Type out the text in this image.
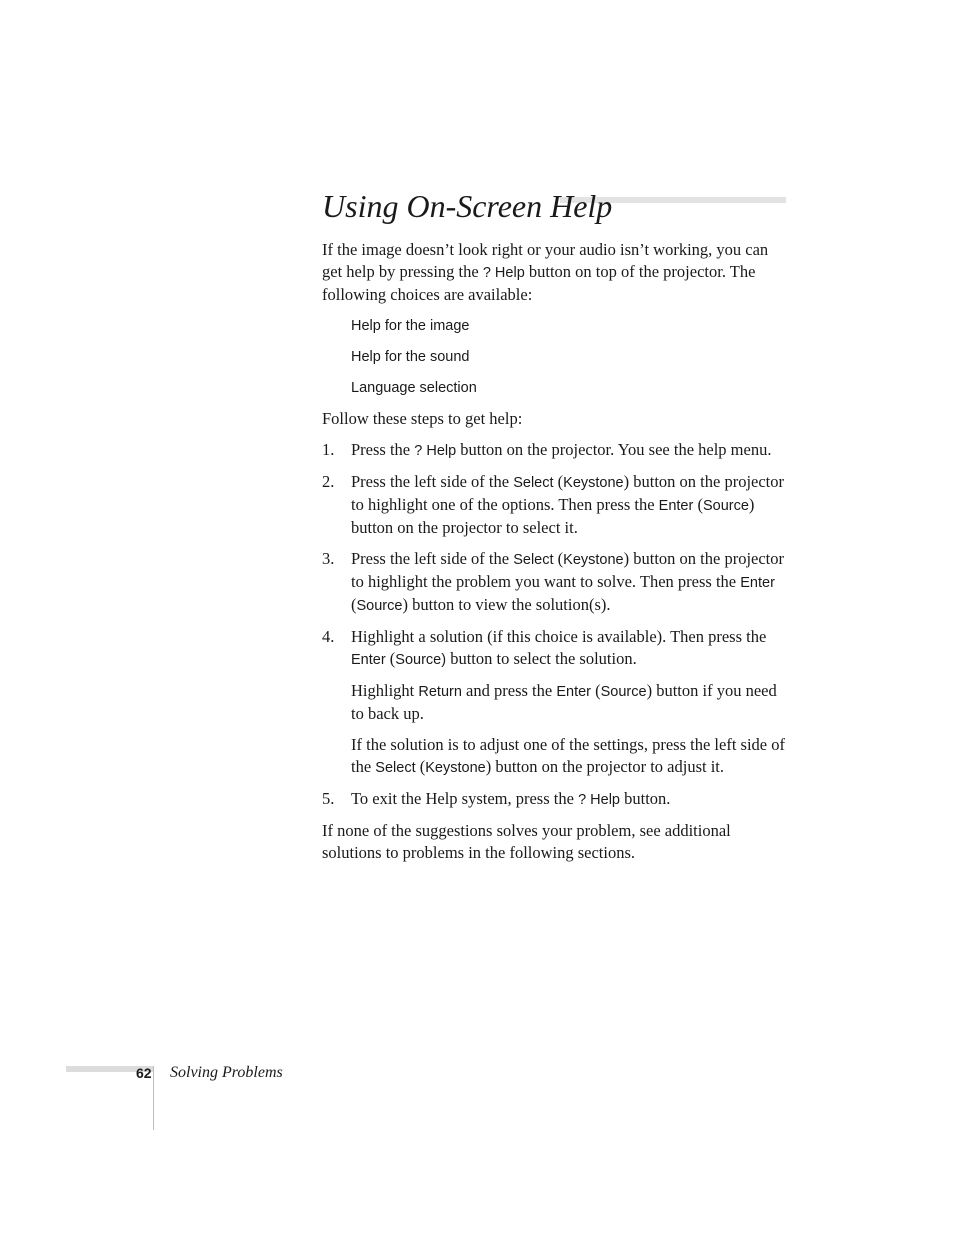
Using On-Screen Help

If the image doesn’t look right or your audio isn’t working, you can get help by pressing the ? Help button on top of the projector. The following choices are available:

Help for the image
Help for the sound
Language selection

Follow these steps to get help:

1. Press the ? Help button on the projector. You see the help menu.
2. Press the left side of the Select (Keystone) button on the projector to highlight one of the options. Then press the Enter (Source) button on the projector to select it.
3. Press the left side of the Select (Keystone) button on the projector to highlight the problem you want to solve. Then press the Enter (Source) button to view the solution(s).
4. Highlight a solution (if this choice is available). Then press the Enter (Source) button to select the solution.

Highlight Return and press the Enter (Source) button if you need to back up.

If the solution is to adjust one of the settings, press the left side of the Select (Keystone) button on the projector to adjust it.

5. To exit the Help system, press the ? Help button.

If none of the suggestions solves your problem, see additional solutions to problems in the following sections.

62 Solving Problems
